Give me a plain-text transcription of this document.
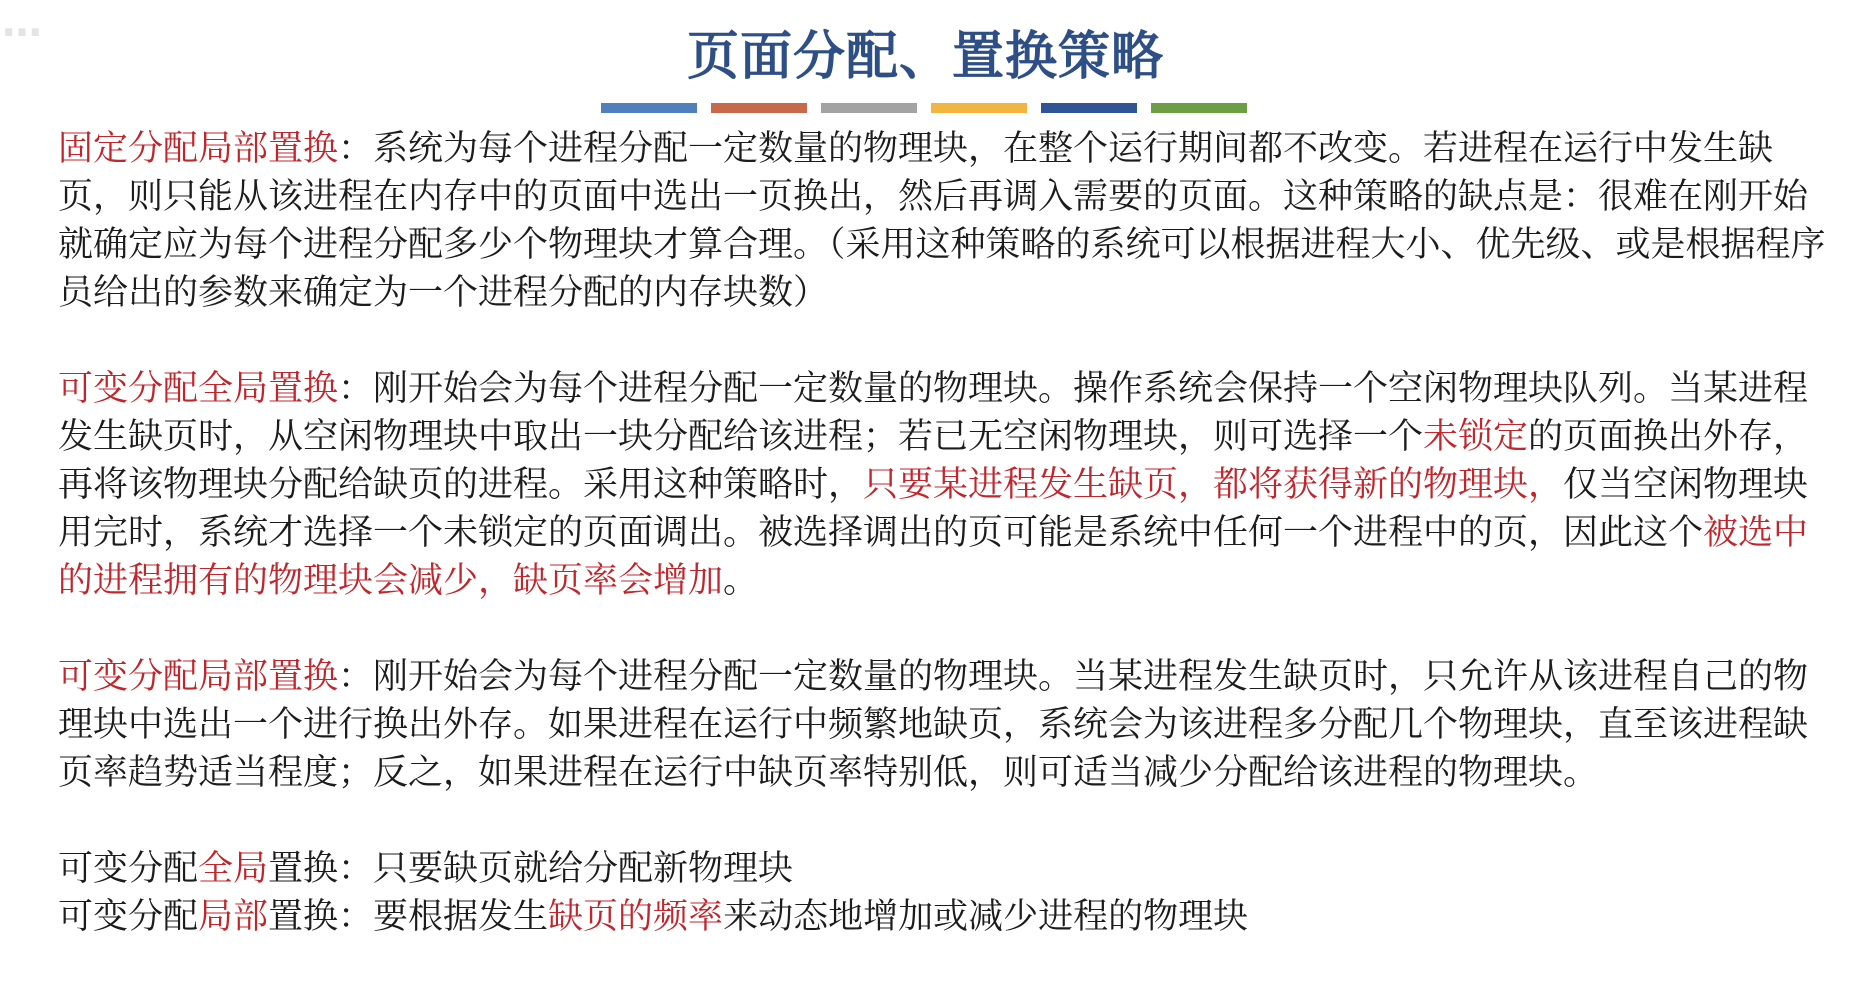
…
页面分配、置换策略

固定分配局部置换：系统为每个进程分配一定数量的物理块，在整个运行期间都不改变。若进程在运行中发生缺页，则只能从该进程在内存中的页面中选出一页换出，然后再调入需要的页面。这种策略的缺点是：很难在刚开始就确定应为每个进程分配多少个物理块才算合理。（采用这种策略的系统可以根据进程大小、优先级、或是根据程序员给出的参数来确定为一个进程分配的内存块数）

可变分配全局置换：刚开始会为每个进程分配一定数量的物理块。操作系统会保持一个空闲物理块队列。当某进程发生缺页时，从空闲物理块中取出一块分配给该进程；若已无空闲物理块，则可选择一个未锁定的页面换出外存，再将该物理块分配给缺页的进程。采用这种策略时，只要某进程发生缺页，都将获得新的物理块，仅当空闲物理块用完时，系统才选择一个未锁定的页面调出。被选择调出的页可能是系统中任何一个进程中的页，因此这个被选中的进程拥有的物理块会减少，缺页率会增加。

可变分配局部置换：刚开始会为每个进程分配一定数量的物理块。当某进程发生缺页时，只允许从该进程自己的物理块中选出一个进行换出外存。如果进程在运行中频繁地缺页，系统会为该进程多分配几个物理块，直至该进程缺页率趋势适当程度；反之，如果进程在运行中缺页率特别低，则可适当减少分配给该进程的物理块。

可变分配全局置换：只要缺页就给分配新物理块

可变分配局部置换：要根据发生缺页的频率来动态地增加或减少进程的物理块
